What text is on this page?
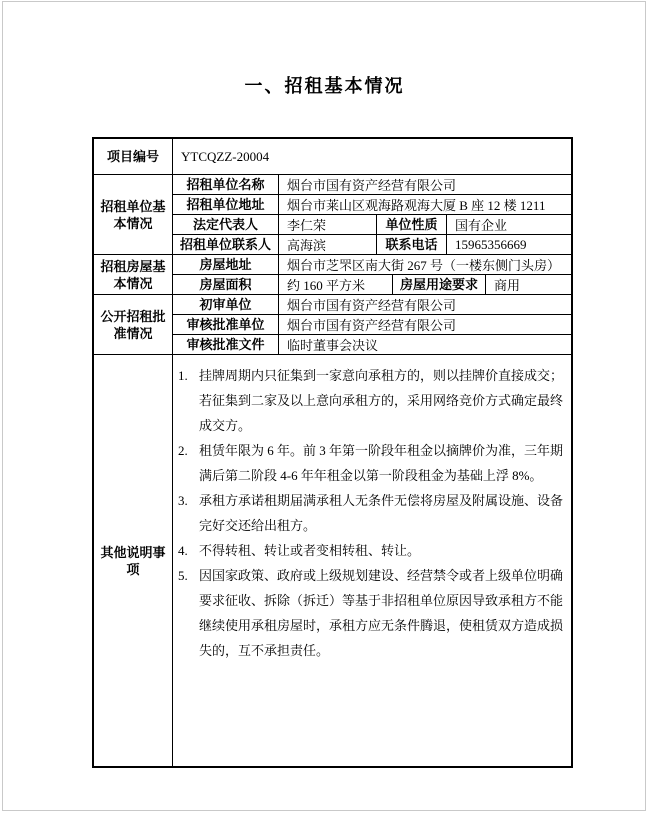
一、招租基本情况
项目编号	YTCQZZ-20004
招租单位基本情况
招租单位名称	烟台市国有资产经营有限公司
招租单位地址	烟台市莱山区观海路观海大厦 B 座 12 楼 1211
法定代表人	李仁荣	单位性质	国有企业
招租单位联系人	高海滨	联系电话	15965356669
招租房屋基本情况
房屋地址	烟台市芝罘区南大街 267 号（一楼东侧门头房）
房屋面积	约 160 平方米	房屋用途要求	商用
公开招租批准情况
初审单位	烟台市国有资产经营有限公司
审核批准单位	烟台市国有资产经营有限公司
审核批准文件	临时董事会决议
其他说明事项
1. 挂牌周期内只征集到一家意向承租方的，则以挂牌价直接成交；若征集到二家及以上意向承租方的，采用网络竞价方式确定最终成交方。
2. 租赁年限为 6 年。前 3 年第一阶段年租金以摘牌价为准，三年期满后第二阶段 4-6 年年租金以第一阶段租金为基础上浮 8%。
3. 承租方承诺租期届满承租人无条件无偿将房屋及附属设施、设备完好交还给出租方。
4. 不得转租、转让或者变相转租、转让。
5. 因国家政策、政府或上级规划建设、经营禁令或者上级单位明确要求征收、拆除（拆迁）等基于非招租单位原因导致承租方不能继续使用承租房屋时，承租方应无条件腾退，使租赁双方造成损失的，互不承担责任。
